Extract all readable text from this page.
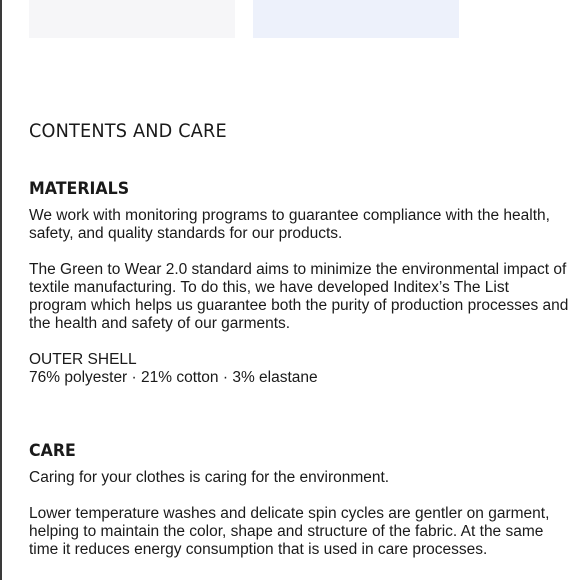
CONTENTS AND CARE
MATERIALS

We work with monitoring programs to guarantee compliance with the health, safety, and quality standards for our products.

The Green to Wear 2.0 standard aims to minimize the environmental impact of textile manufacturing. To do this, we have developed Inditex’s The List program which helps us guarantee both the purity of production processes and the health and safety of our garments.

OUTER SHELL

76% polyester · 21% cotton · 3% elastane

CARE

Caring for your clothes is caring for the environment.

Lower temperature washes and delicate spin cycles are gentler on garment, helping to maintain the color, shape and structure of the fabric. At the same time it reduces energy consumption that is used in care processes.
